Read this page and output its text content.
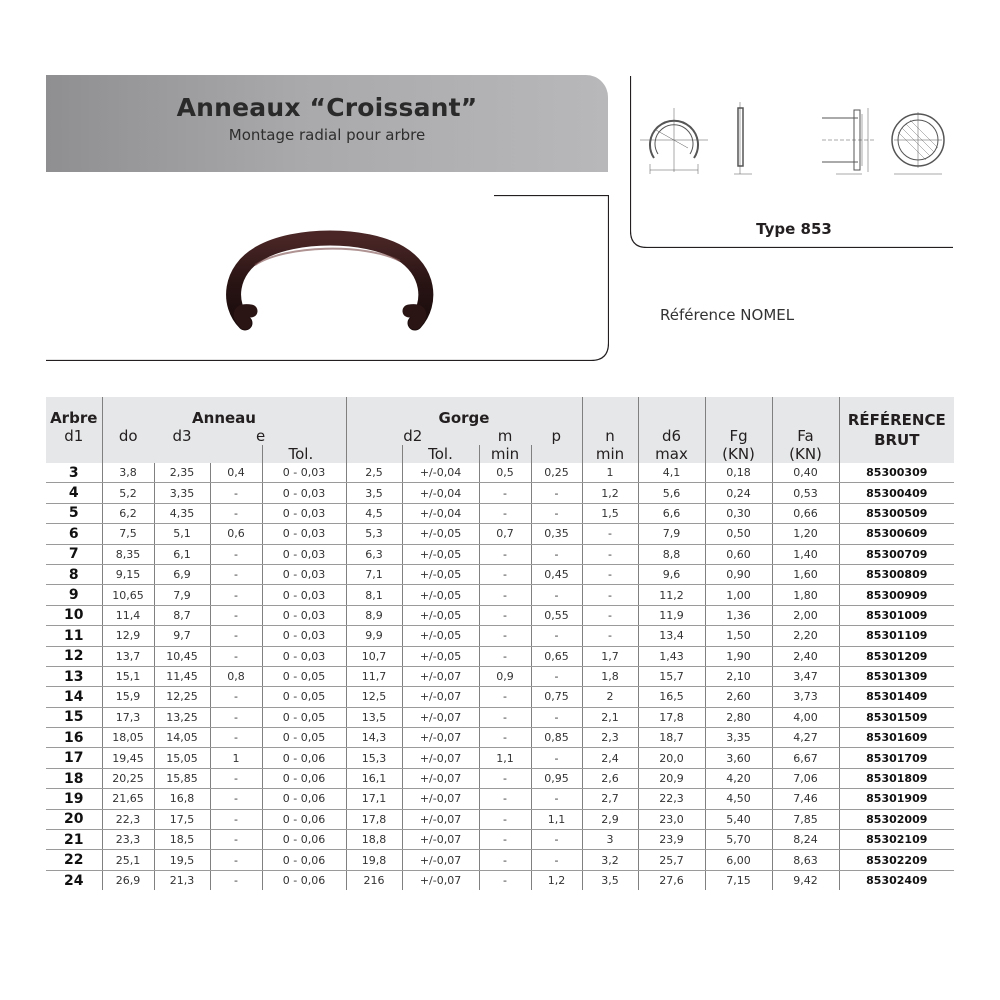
Anneaux “Croissant”
Montage radial pour arbre
Type 853
Référence NOMEL
Arbre	Anneau				Gorge								RÉFÉRENCE
BRUT

d1	do	d3	e		d2		m	p	n	d6	Fg	Fa	
				Tol.		Tol.	min		min	max	(KN)	(KN)	
3	3,8	2,35	0,4	0 - 0,03	2,5	+/-0,04	0,5	0,25	1	4,1	0,18	0,40	85300309
4	5,2	3,35	-	0 - 0,03	3,5	+/-0,04	-	-	1,2	5,6	0,24	0,53	85300409
5	6,2	4,35	-	0 - 0,03	4,5	+/-0,04	-	-	1,5	6,6	0,30	0,66	85300509
6	7,5	5,1	0,6	0 - 0,03	5,3	+/-0,05	0,7	0,35	-	7,9	0,50	1,20	85300609
7	8,35	6,1	-	0 - 0,03	6,3	+/-0,05	-	-	-	8,8	0,60	1,40	85300709
8	9,15	6,9	-	0 - 0,03	7,1	+/-0,05	-	0,45	-	9,6	0,90	1,60	85300809
9	10,65	7,9	-	0 - 0,03	8,1	+/-0,05	-	-	-	11,2	1,00	1,80	85300909
10	11,4	8,7	-	0 - 0,03	8,9	+/-0,05	-	0,55	-	11,9	1,36	2,00	85301009
11	12,9	9,7	-	0 - 0,03	9,9	+/-0,05	-	-	-	13,4	1,50	2,20	85301109
12	13,7	10,45	-	0 - 0,03	10,7	+/-0,05	-	0,65	1,7	1,43	1,90	2,40	85301209
13	15,1	11,45	0,8	0 - 0,05	11,7	+/-0,07	0,9	-	1,8	15,7	2,10	3,47	85301309
14	15,9	12,25	-	0 - 0,05	12,5	+/-0,07	-	0,75	2	16,5	2,60	3,73	85301409
15	17,3	13,25	-	0 - 0,05	13,5	+/-0,07	-	-	2,1	17,8	2,80	4,00	85301509
16	18,05	14,05	-	0 - 0,05	14,3	+/-0,07	-	0,85	2,3	18,7	3,35	4,27	85301609
17	19,45	15,05	1	0 - 0,06	15,3	+/-0,07	1,1	-	2,4	20,0	3,60	6,67	85301709
18	20,25	15,85	-	0 - 0,06	16,1	+/-0,07	-	0,95	2,6	20,9	4,20	7,06	85301809
19	21,65	16,8	-	0 - 0,06	17,1	+/-0,07	-	-	2,7	22,3	4,50	7,46	85301909
20	22,3	17,5	-	0 - 0,06	17,8	+/-0,07	-	1,1	2,9	23,0	5,40	7,85	85302009
21	23,3	18,5	-	0 - 0,06	18,8	+/-0,07	-	-	3	23,9	5,70	8,24	85302109
22	25,1	19,5	-	0 - 0,06	19,8	+/-0,07	-	-	3,2	25,7	6,00	8,63	85302209
24	26,9	21,3	-	0 - 0,06	216	+/-0,07	-	1,2	3,5	27,6	7,15	9,42	85302409
